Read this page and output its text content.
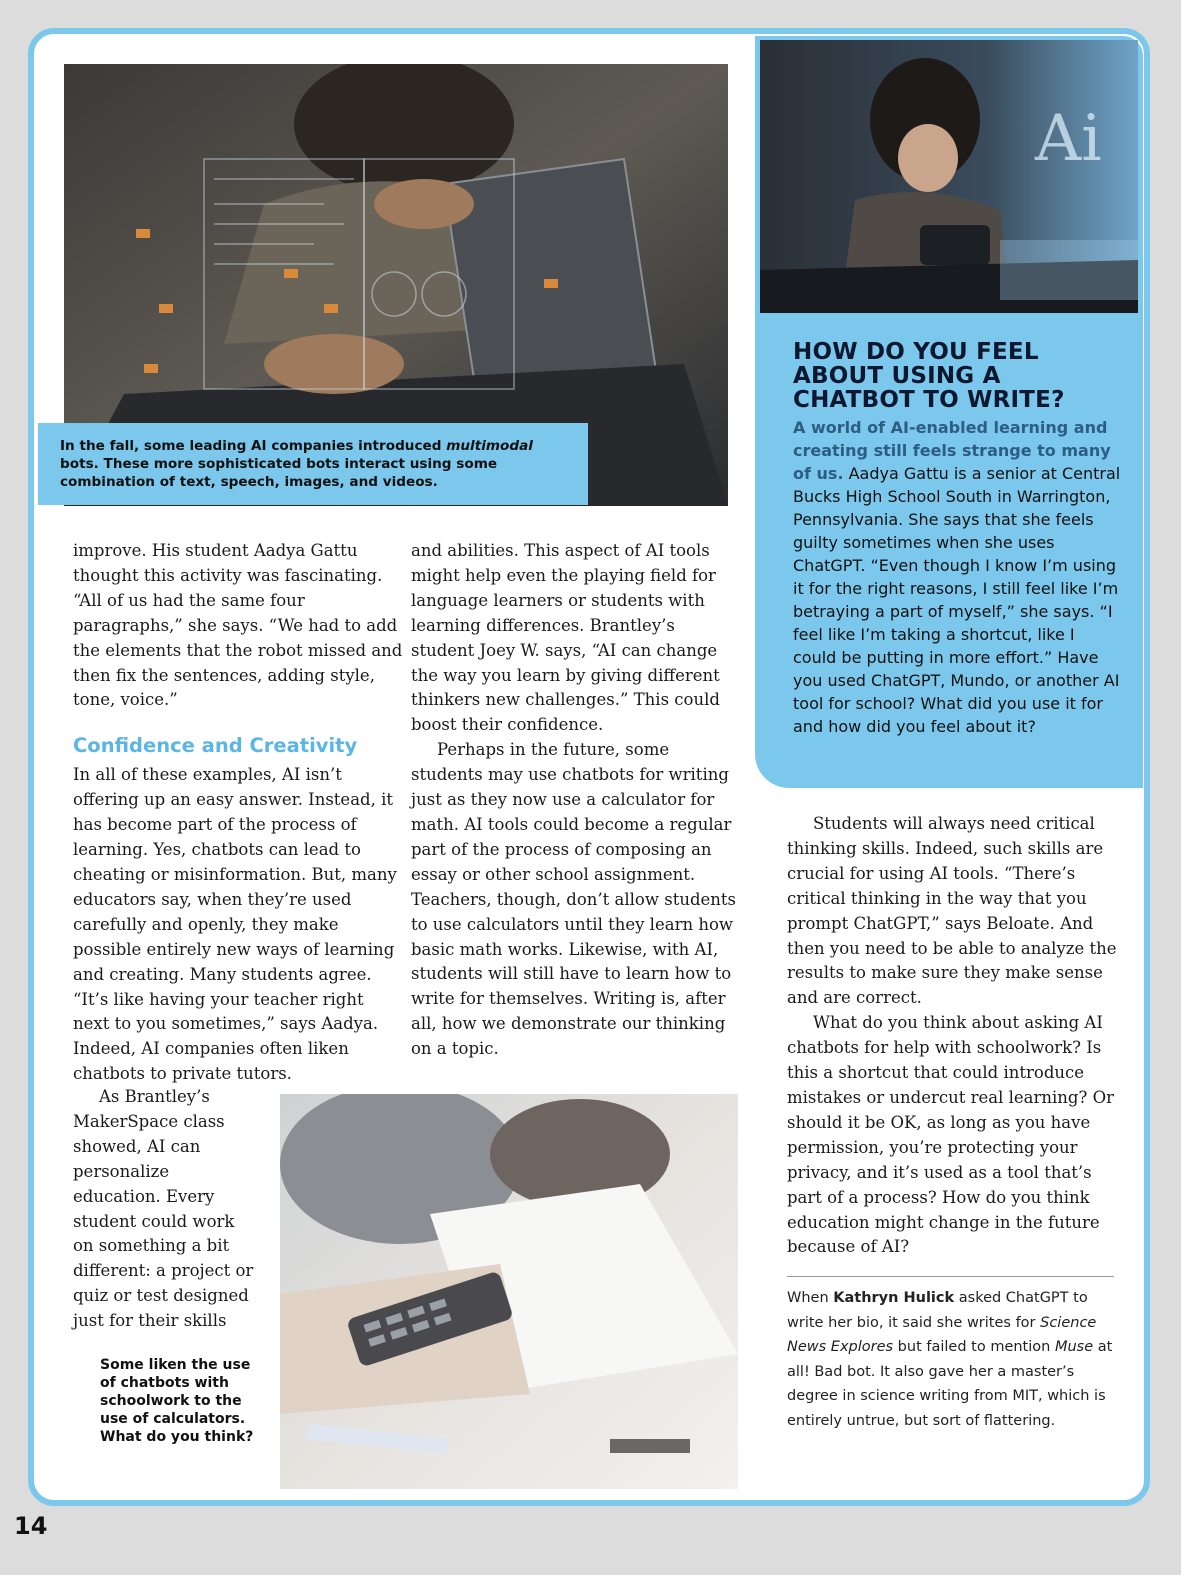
In the fall, some leading AI companies introduced multimodal bots. These more sophisticated bots interact using some combination of text, speech, images, and videos.
Ai
HOW DO YOU FEEL ABOUT USING A CHATBOT TO WRITE?
A world of AI-enabled learning and creating still feels strange to many of us. Aadya Gattu is a senior at Central Bucks High School South in Warrington, Pennsylvania. She says that she feels guilty sometimes when she uses ChatGPT. “Even though I know I’m using it for the right reasons, I still feel like I’m betraying a part of myself,” she says. “I feel like I’m taking a shortcut, like I could be putting in more effort.” Have you used ChatGPT, Mundo, or another AI tool for school? What did you use it for and how did you feel about it?

improve. His student Aadya Gattu thought this activity was fascinating. “All of us had the same four paragraphs,” she says. “We had to add the elements that the robot missed and then fix the sentences, adding style, tone, voice.”

Confidence and Creativity

In all of these examples, AI isn’t offering up an easy answer. Instead, it has become part of the process of learning. Yes, chatbots can lead to cheating or misinformation. But, many educators say, when they’re used carefully and openly, they make possible entirely new ways of learning and creating. Many students agree. “It’s like having your teacher right next to you sometimes,” says Aadya. Indeed, AI companies often liken chatbots to private tutors.

As Brantley’s MakerSpace class showed, AI can personalize education. Every student could work on something a bit different: a project or quiz or test designed just for their skills

and abilities. This aspect of AI tools might help even the playing field for language learners or students with learning differences. Brantley’s student Joey W. says, “AI can change the way you learn by giving different thinkers new challenges.” This could boost their confidence.

Perhaps in the future, some students may use chatbots for writing just as they now use a calculator for math. AI tools could become a regular part of the process of composing an essay or other school assignment. Teachers, though, don’t allow students to use calculators until they learn how basic math works. Likewise, with AI, students will still have to learn how to write for themselves. Writing is, after all, how we demonstrate our thinking on a topic.

Students will always need critical thinking skills. Indeed, such skills are crucial for using AI tools. “There’s critical thinking in the way that you prompt ChatGPT,” says Beloate. And then you need to be able to analyze the results to make sure they make sense and are correct.

What do you think about asking AI chatbots for help with schoolwork? Is this a shortcut that could introduce mistakes or undercut real learning? Or should it be OK, as long as you have permission, you’re protecting your privacy, and it’s used as a tool that’s part of a process? How do you think education might change in the future because of AI?

Some liken the use of chatbots with schoolwork to the use of calculators. What do you think?
When Kathryn Hulick asked ChatGPT to write her bio, it said she writes for Science News Explores but failed to mention Muse at all! Bad bot. It also gave her a master’s degree in science writing from MIT, which is entirely untrue, but sort of flattering.
14
